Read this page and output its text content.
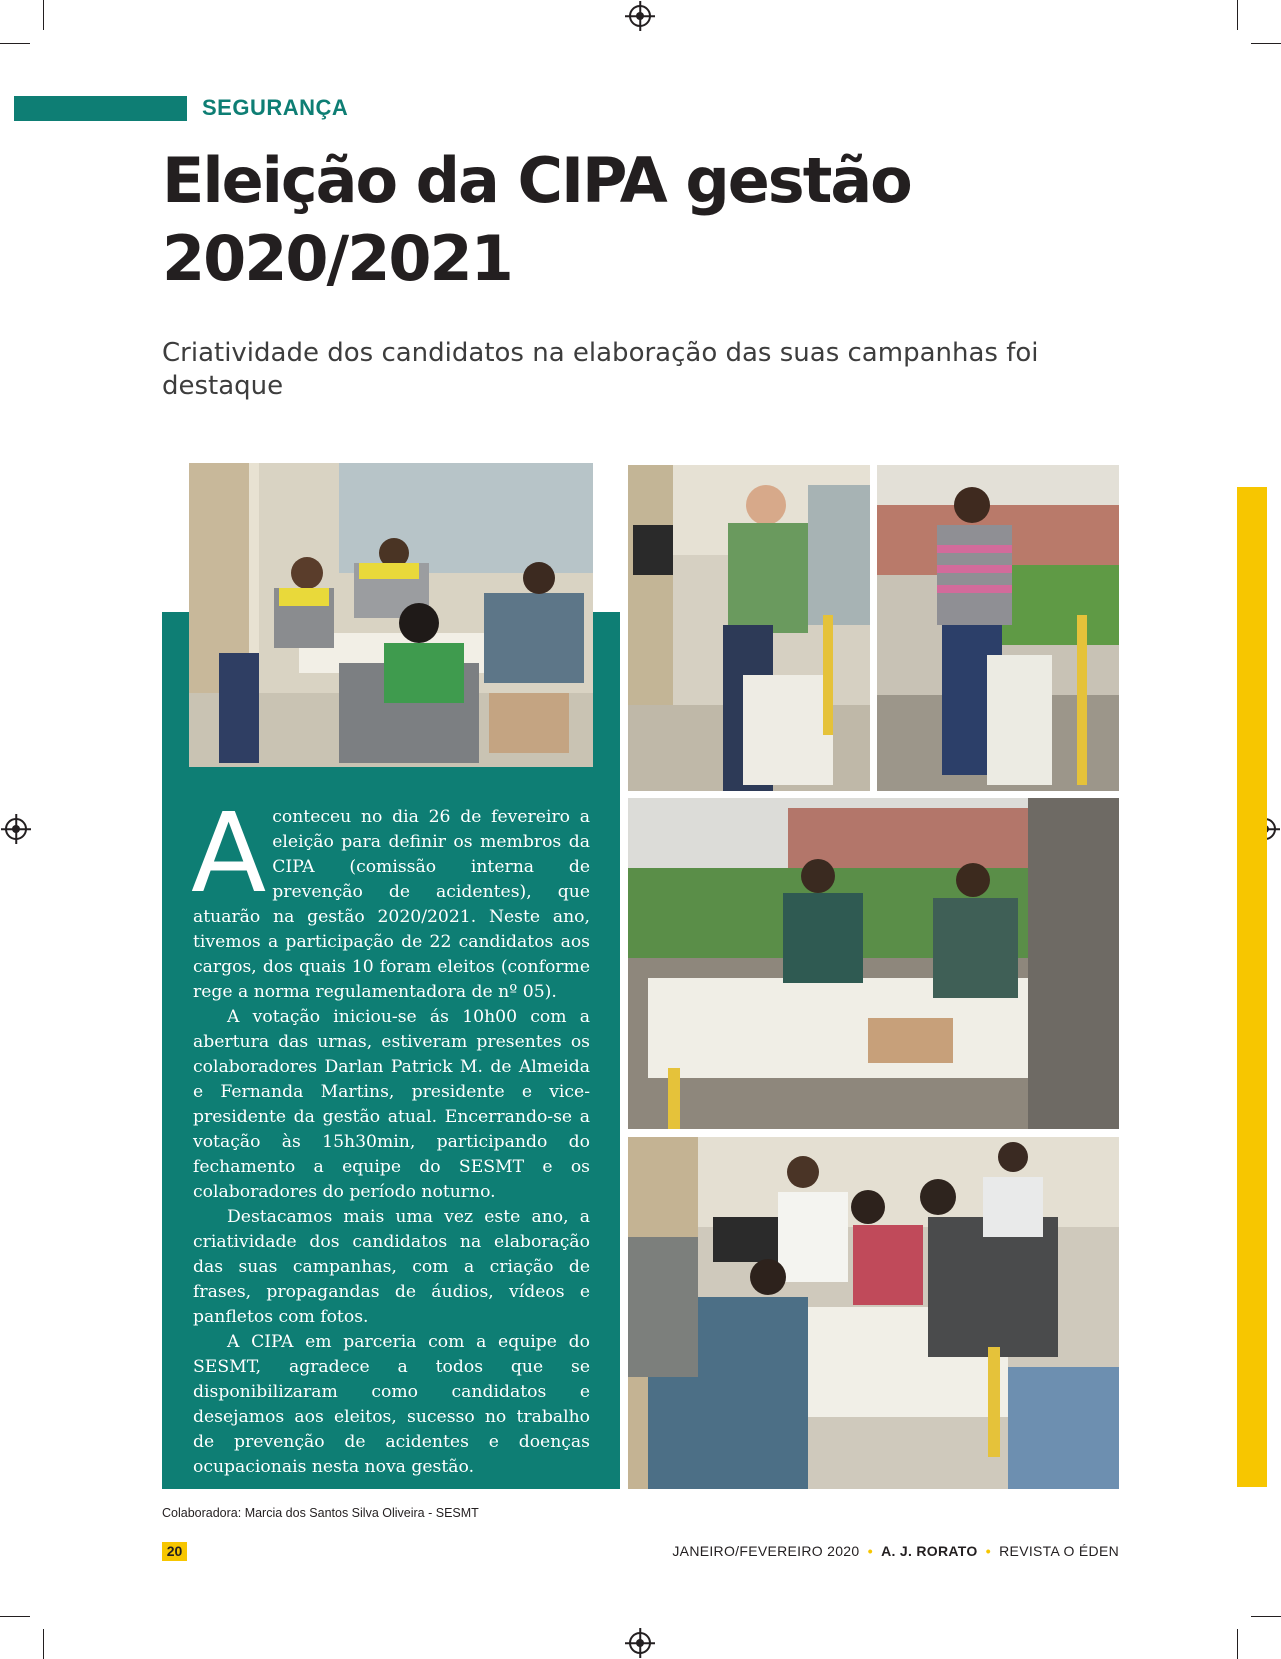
SEGURANÇA
Eleição da CIPA gestão 2020/2021

Criatividade dos candidatos na elaboração das suas campanhas foi destaque

Aconteceu no dia 26 de fevereiro a eleição para definir os membros da CIPA (comissão interna de prevenção de acidentes), que atuarão na gestão 2020/2021. Neste ano, tivemos a participação de 22 candidatos aos cargos, dos quais 10 foram eleitos (conforme rege a norma regulamentadora de nº 05).

A votação iniciou-se ás 10h00 com a abertura das urnas, estiveram presentes os colaboradores Darlan Patrick M. de Almeida e Fernanda Martins, presidente e vice-presidente da gestão atual. Encerrando-se a votação às 15h30min, participando do fechamento a equipe do SESMT e os colaboradores do período noturno.

Destacamos mais uma vez este ano, a criatividade dos candidatos na elaboração das suas campanhas, com a criação de frases, propagandas de áudios, vídeos e panfletos com fotos.

A CIPA em parceria com a equipe do SESMT, agradece a todos que se disponibilizaram como candidatos e desejamos aos eleitos, sucesso no trabalho de prevenção de acidentes e doenças ocupacionais nesta nova gestão.

Colaboradora: Marcia dos Santos Silva Oliveira - SESMT
20	JANEIRO/FEVEREIRO 2020 • A. J. RORATO • REVISTA O ÉDEN
